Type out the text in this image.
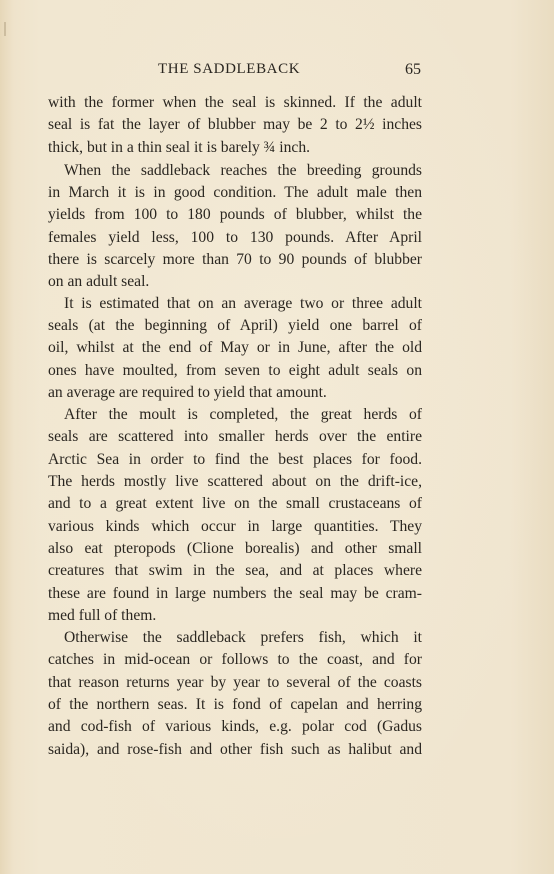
THE SADDLEBACK	65
with the former when the seal is skinned. If the adult
seal is fat the layer of blubber may be 2 to 2½ inches
thick, but in a thin seal it is barely ¾ inch.
When the saddleback reaches the breeding grounds
in March it is in good condition. The adult male then
yields from 100 to 180 pounds of blubber, whilst the
females yield less, 100 to 130 pounds. After April
there is scarcely more than 70 to 90 pounds of blubber
on an adult seal.
It is estimated that on an average two or three adult
seals (at the beginning of April) yield one barrel of
oil, whilst at the end of May or in June, after the old
ones have moulted, from seven to eight adult seals on
an average are required to yield that amount.
After the moult is completed, the great herds of
seals are scattered into smaller herds over the entire
Arctic Sea in order to find the best places for food.
The herds mostly live scattered about on the drift-ice,
and to a great extent live on the small crustaceans of
various kinds which occur in large quantities. They
also eat pteropods (Clione borealis) and other small
creatures that swim in the sea, and at places where
these are found in large numbers the seal may be cram-
med full of them.
Otherwise the saddleback prefers fish, which it
catches in mid-ocean or follows to the coast, and for
that reason returns year by year to several of the coasts
of the northern seas. It is fond of capelan and herring
and cod-fish of various kinds, e.g. polar cod (Gadus
saida), and rose-fish and other fish such as halibut and
